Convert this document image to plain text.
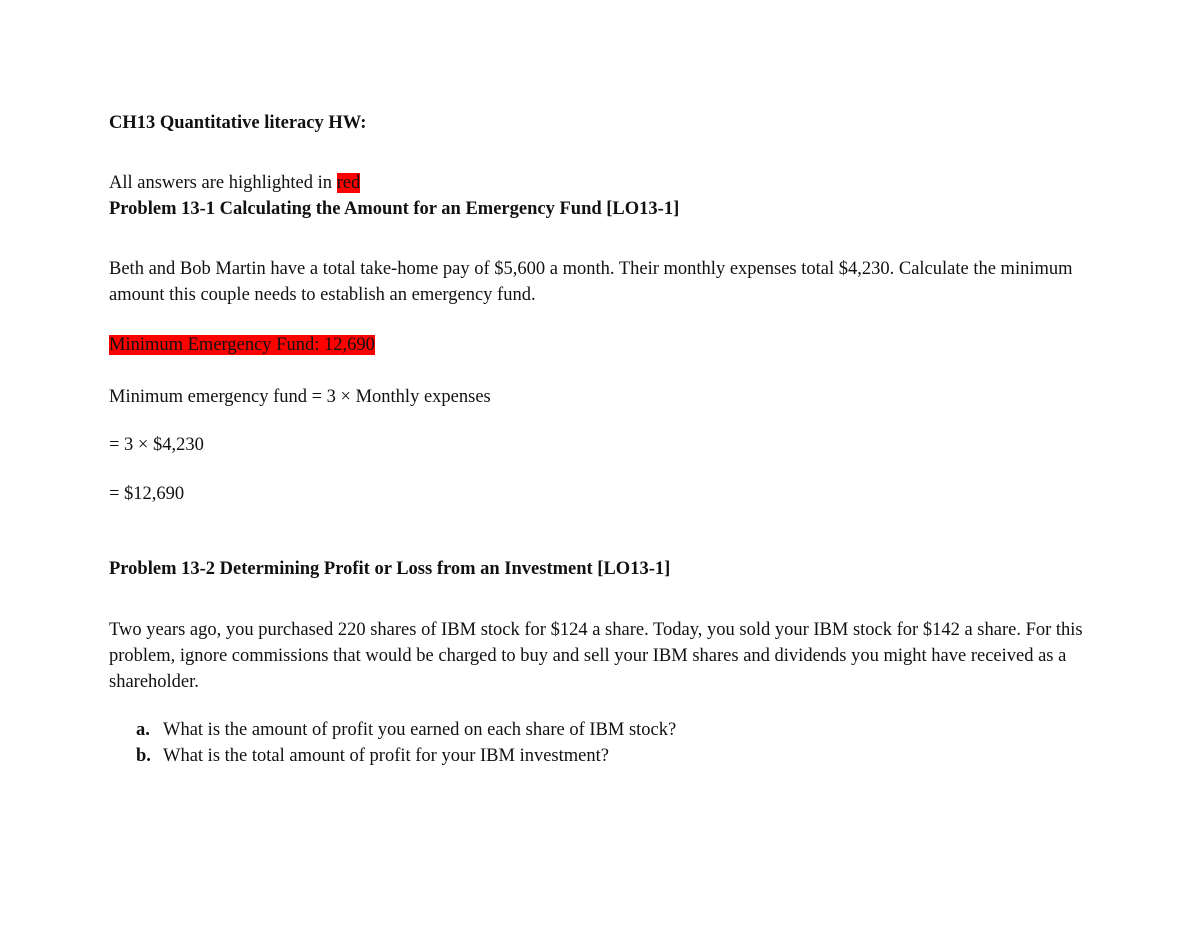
CH13 Quantitative literacy HW:
All answers are highlighted in red
Problem 13-1 Calculating the Amount for an Emergency Fund [LO13-1]
Beth and Bob Martin have a total take-home pay of $5,600 a month. Their monthly expenses total $4,230. Calculate the minimum amount this couple needs to establish an emergency fund.
Minimum Emergency Fund: 12,690
Minimum emergency fund = 3 × Monthly expenses
= 3 × $4,230
= $12,690
Problem 13-2 Determining Profit or Loss from an Investment [LO13-1]
Two years ago, you purchased 220 shares of IBM stock for $124 a share. Today, you sold your IBM stock for $142 a share. For this problem, ignore commissions that would be charged to buy and sell your IBM shares and dividends you might have received as a shareholder.
a. What is the amount of profit you earned on each share of IBM stock?
b. What is the total amount of profit for your IBM investment?
